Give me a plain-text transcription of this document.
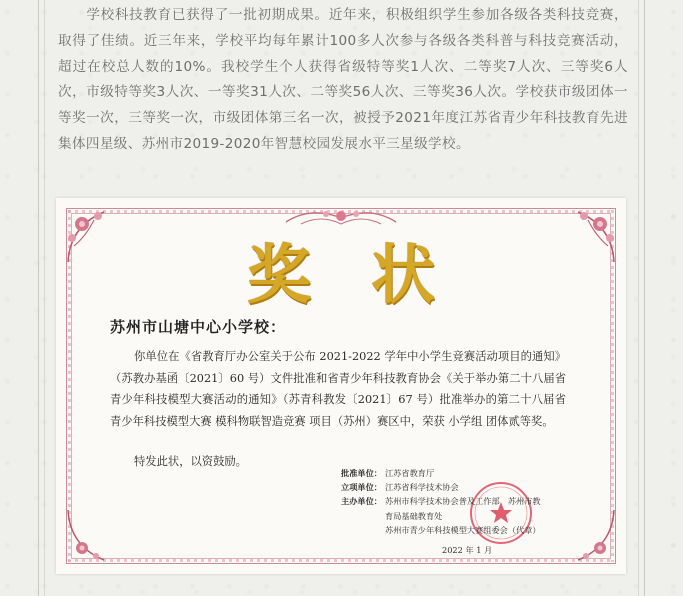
学校科技教育已获得了一批初期成果。近年来，积极组织学生参加各级各类科技竞赛，取得了佳绩。近三年来，学校平均每年累计100多人次参与各级各类科普与科技竞赛活动，超过在校总人数的10%。我校学生个人获得省级特等奖1人次、二等奖7人次、三等奖6人次，市级特等奖3人次、一等奖31人次、二等奖56人次、三等奖36人次。学校获市级团体一等奖一次，三等奖一次，市级团体第三名一次，被授予2021年度江苏省青少年科技教育先进集体四星级、苏州市2019-2020年智慧校园发展水平三星级学校。

奖状

苏州市山塘中心小学校：

你单位在《省教育厅办公室关于公布 2021-2022 学年中小学生竞赛活动项目的通知》（苏教办基函〔2021〕60 号）文件批准和省青少年科技教育协会《关于举办第二十八届省青少年科技模型大赛活动的通知》（苏青科教发〔2021〕67 号）批准举办的第二十八届省青少年科技模型大赛 模科物联智造竞赛 项目（苏州）赛区中，荣获 小学组 团体贰等奖。

特发此状，以资鼓励。

批准单位： 江苏省教育厅
立项单位： 江苏省科学技术协会
主办单位： 苏州市科学技术协会普及工作部　苏州市教
育局基础教育处
苏州市青少年科技模型大赛组委会（代章）
2022 年 1 月
